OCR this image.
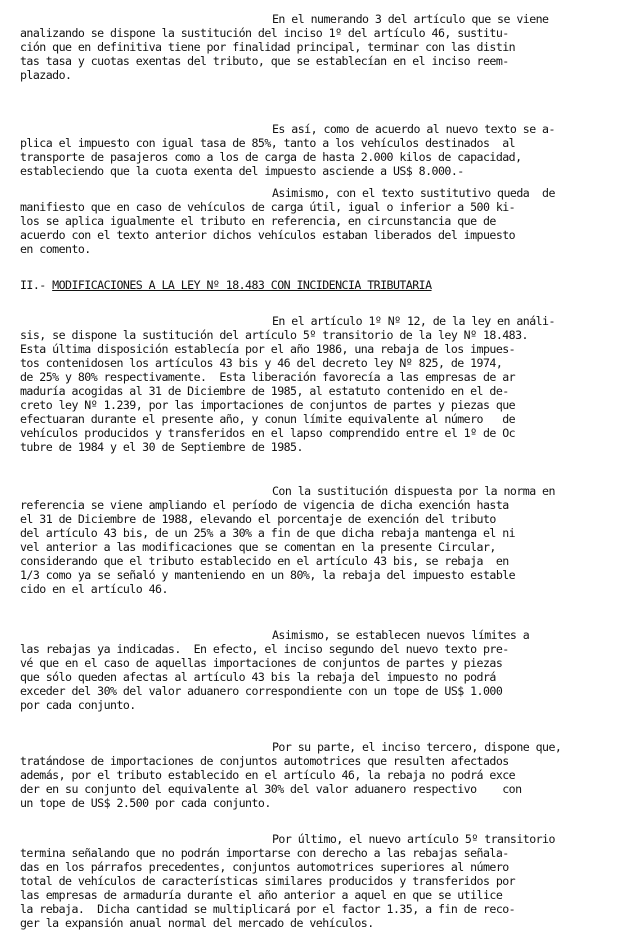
En el numerando 3 del artículo que se viene
analizando se dispone la sustitución del inciso 1º del artículo 46, sustitu-
ción que en definitiva tiene por finalidad principal, terminar con las distin
tas tasa y cuotas exentas del tributo, que se establecían en el inciso reem-
plazado.
Es así, como de acuerdo al nuevo texto se a-
plica el impuesto con igual tasa de 85%, tanto a los vehículos destinados  al
transporte de pasajeros como a los de carga de hasta 2.000 kilos de capacidad,
estableciendo que la cuota exenta del impuesto asciende a US$ 8.000.-
Asimismo, con el texto sustitutivo queda  de
manifiesto que en caso de vehículos de carga útil, igual o inferior a 500 ki-
los se aplica igualmente el tributo en referencia, en circunstancia que de
acuerdo con el texto anterior dichos vehículos estaban liberados del impuesto
en comento.
II.- MODIFICACIONES A LA LEY Nº 18.483 CON INCIDENCIA TRIBUTARIA
En el artículo 1º Nº 12, de la ley en análi-
sis, se dispone la sustitución del artículo 5º transitorio de la ley Nº 18.483.
Esta última disposición establecía por el año 1986, una rebaja de los impues-
tos contenidosen los artículos 43 bis y 46 del decreto ley Nº 825, de 1974,
de 25% y 80% respectivamente.  Esta liberación favorecía a las empresas de ar
maduría acogidas al 31 de Diciembre de 1985, al estatuto contenido en el de-
creto ley Nº 1.239, por las importaciones de conjuntos de partes y piezas que
efectuaran durante el presente año, y conun límite equivalente al número   de
vehículos producidos y transferidos en el lapso comprendido entre el 1º de Oc
tubre de 1984 y el 30 de Septiembre de 1985.
Con la sustitución dispuesta por la norma en
referencia se viene ampliando el período de vigencia de dicha exención hasta
el 31 de Diciembre de 1988, elevando el porcentaje de exención del tributo
del artículo 43 bis, de un 25% a 30% a fin de que dicha rebaja mantenga el ni
vel anterior a las modificaciones que se comentan en la presente Circular,
considerando que el tributo establecido en el artículo 43 bis, se rebaja  en
1/3 como ya se señaló y manteniendo en un 80%, la rebaja del impuesto estable
cido en el artículo 46.
Asimismo, se establecen nuevos límites a
las rebajas ya indicadas.  En efecto, el inciso segundo del nuevo texto pre-
vé que en el caso de aquellas importaciones de conjuntos de partes y piezas
que sólo queden afectas al artículo 43 bis la rebaja del impuesto no podrá
exceder del 30% del valor aduanero correspondiente con un tope de US$ 1.000
por cada conjunto.
Por su parte, el inciso tercero, dispone que,
tratándose de importaciones de conjuntos automotrices que resulten afectados
además, por el tributo establecido en el artículo 46, la rebaja no podrá exce
der en su conjunto del equivalente al 30% del valor aduanero respectivo    con
un tope de US$ 2.500 por cada conjunto.
Por último, el nuevo artículo 5º transitorio
termina señalando que no podrán importarse con derecho a las rebajas señala-
das en los párrafos precedentes, conjuntos automotrices superiores al número
total de vehículos de características similares producidos y transferidos por
las empresas de armaduría durante el año anterior a aquel en que se utilice
la rebaja.  Dicha cantidad se multiplicará por el factor 1.35, a fin de reco-
ger la expansión anual normal del mercado de vehículos.
